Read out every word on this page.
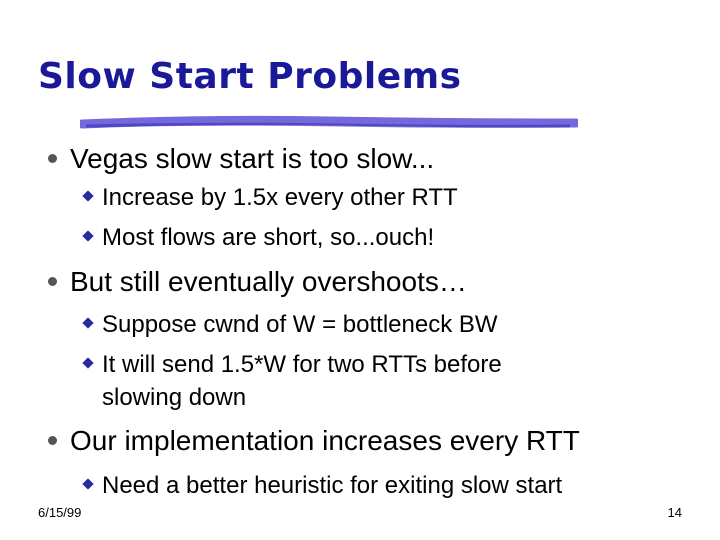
Slow Start Problems
Vegas slow start is too slow...
Increase by 1.5x every other RTT
Most flows are short, so...ouch!
But still eventually overshoots…
Suppose cwnd of W = bottleneck BW
It will send 1.5*W for two RTTs before
slowing down
Our implementation increases every RTT
Need a better heuristic for exiting slow start
6/15/99	14
